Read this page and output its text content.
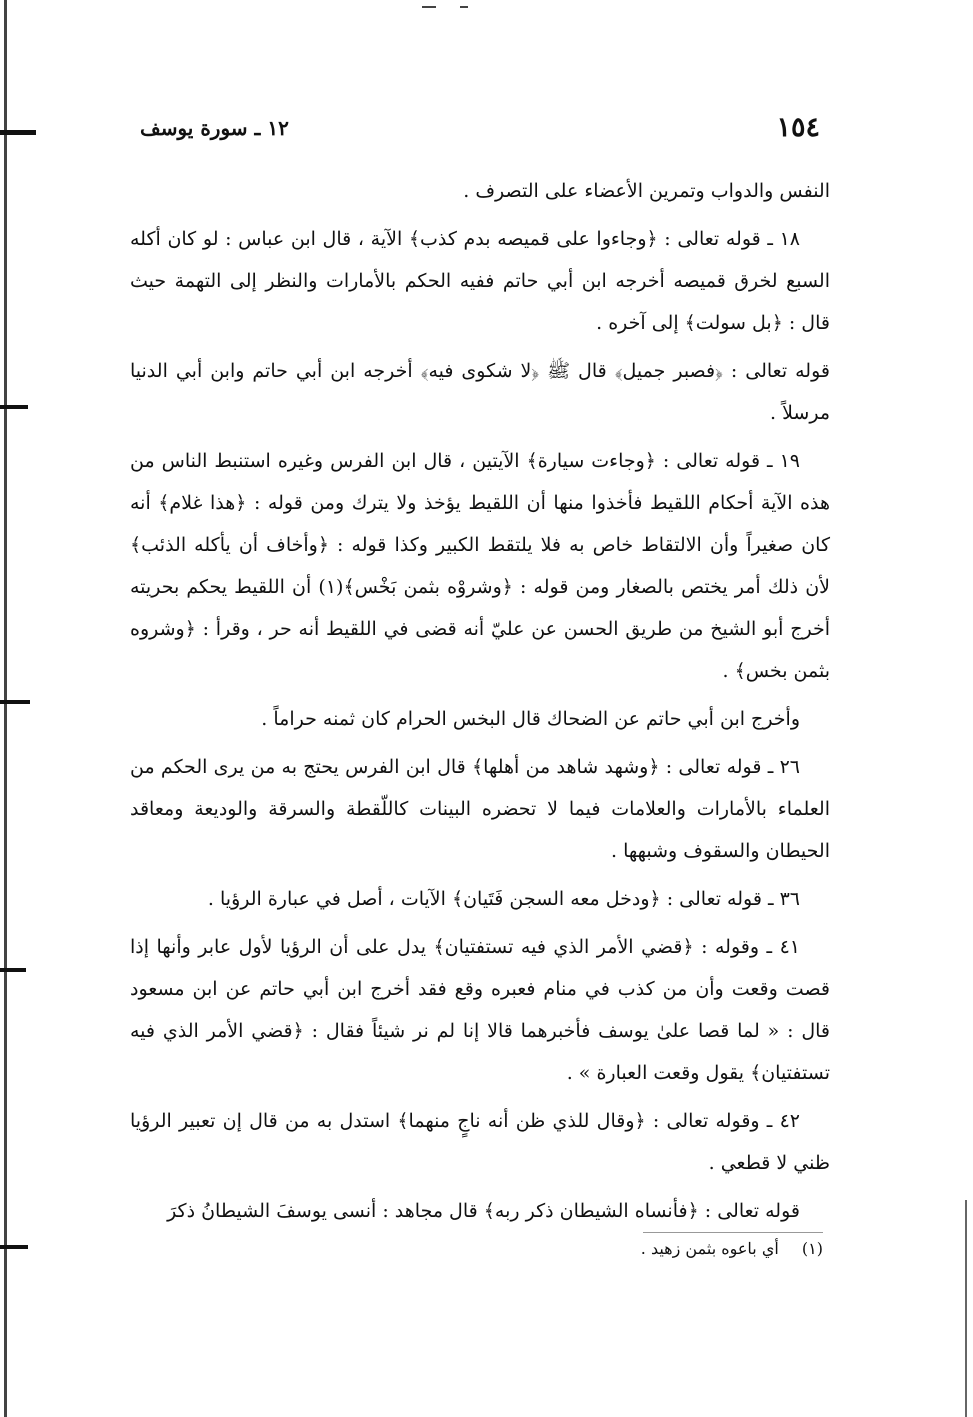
١٥٤
١٢ ـ سورة يوسف

النفس والدواب وتمرين الأعضاء على التصرف .

١٨ ـ قوله تعالى : ﴿وجاءوا على قميصه بدم كذب﴾ الآية ، قال ابن عباس : لو كان أكله السبع لخرق قميصه أخرجه ابن أبي حاتم ففيه الحكم بالأمارات والنظر إلى التهمة حيث قال : ﴿بل سولت﴾ إلى آخره .

قوله تعالى : ﴿فصبر جميل﴾ قال ﷺ ﴿لا شكوى فيه﴾ أخرجه ابن أبي حاتم وابن أبي الدنيا مرسلاً .

١٩ ـ قوله تعالى : ﴿وجاءت سيارة﴾ الآيتين ، قال ابن الفرس وغيره استنبط الناس من هذه الآية أحكام اللقيط فأخذوا منها أن اللقيط يؤخذ ولا يترك ومن قوله : ﴿هذا غلام﴾ أنه كان صغيراً وأن الالتقاط خاص به فلا يلتقط الكبير وكذا قوله : ﴿وأخاف أن يأكله الذئب﴾ لأن ذلك أمر يختص بالصغار ومن قوله : ﴿وشروْه بثمن بَخْس﴾(١) أن اللقيط يحكم بحريته أخرج أبو الشيخ من طريق الحسن عن عليّ أنه قضى في اللقيط أنه حر ، وقرأ : ﴿وشروه بثمن بخس﴾ .

وأخرج ابن أبي حاتم عن الضحاك قال البخس الحرام كان ثمنه حراماً .

٢٦ ـ قوله تعالى : ﴿وشهد شاهد من أهلها﴾ قال ابن الفرس يحتج به من يرى الحكم من العلماء بالأمارات والعلامات فيما لا تحضره البينات كاللّقطة والسرقة والوديعة ومعاقد الحيطان والسقوف وشبهها .

٣٦ ـ قوله تعالى : ﴿ودخل معه السجن فَتَيان﴾ الآيات ، أصل في عبارة الرؤيا .

٤١ ـ وقوله : ﴿قضي الأمر الذي فيه تستفتيان﴾ يدل على أن الرؤيا لأول عابر وأنها إذا قصت وقعت وأن من كذب في منام فعبره وقع فقد أخرج ابن أبي حاتم عن ابن مسعود قال : « لما قصا علىٰ يوسف فأخبرهما قالا إنا لم نر شيئاً فقال : ﴿قضي الأمر الذي فيه تستفتيان﴾ يقول وقعت العبارة » .

٤٢ ـ وقوله تعالى : ﴿وقال للذي ظن أنه ناجٍ منهما﴾ استدل به من قال إن تعبير الرؤيا ظني لا قطعي .

قوله تعالى : ﴿فأنساه الشيطان ذكر ربه﴾ قال مجاهد : أنسى يوسفَ الشيطانُ ذكرَ

(١) أي باعوه بثمن زهيد .
